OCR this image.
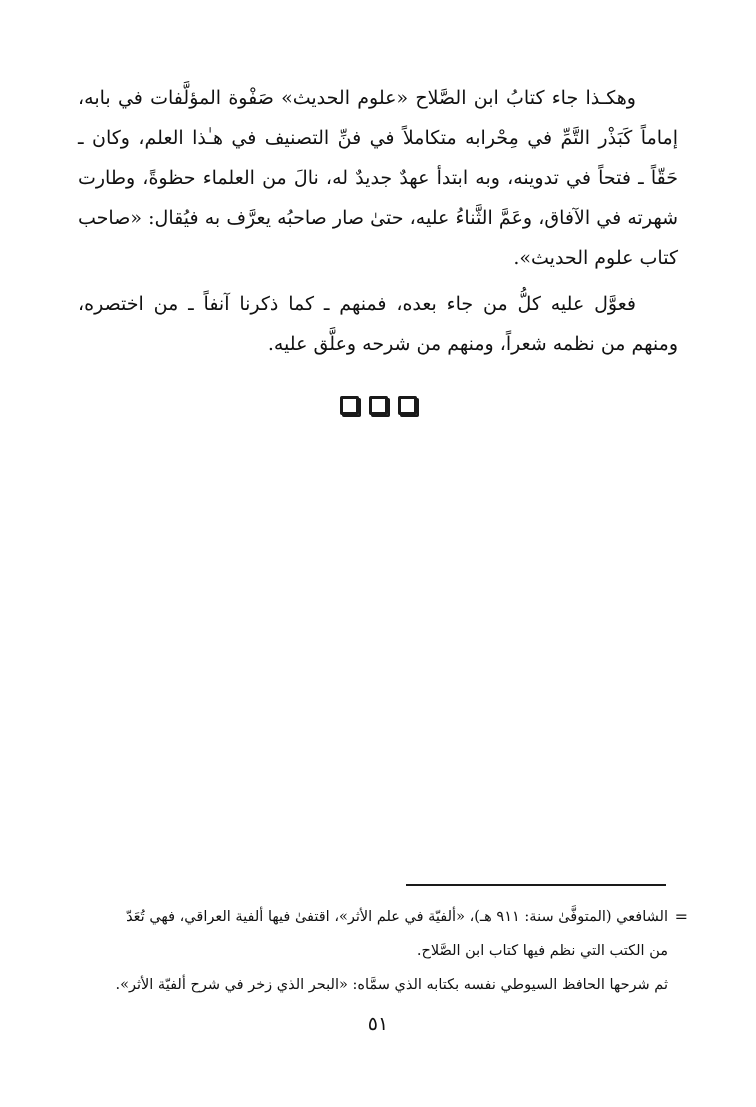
وهكـذا جاء كتابُ ابن الصَّلاح «علوم الحديث» صَفْوة المؤلَّفات في بابه، إماماً كَبَذْر التَّمِّ في مِحْرابه متكاملاً في فنِّ التصنيف في هـٰذا العلم، وكان ـ حَقّاً ـ فتحاً في تدوينه، وبه ابتدأ عهدٌ جديدٌ له، نالَ من العلماء حظوةً، وطارت شهرته في الآفاق، وعَمَّ الثَّناءُ عليه، حتىٰ صار صاحبُه يعرَّف به فيُقال: «صاحب كتاب علوم الحديث».

فعوَّل عليه كلُّ من جاء بعده، فمنهم ـ كما ذكرنا آنفاً ـ من اختصره، ومنهم من نظمه شعراً، ومنهم من شرحه وعلَّق عليه.

=
الشافعي (المتوفَّىٰ سنة: ٩١١ هـ)، «ألفيّة في علم الأثر»، اقتفىٰ فيها ألفية العراقي، فهي تُعَدّ

من الكتب التي نظم فيها كتاب ابن الصَّلاح.

ثم شرحها الحافظ السيوطي نفسه بكتابه الذي سمَّاه: «البحر الذي زخر في شرح ألفيّة الأثر».

٥١
